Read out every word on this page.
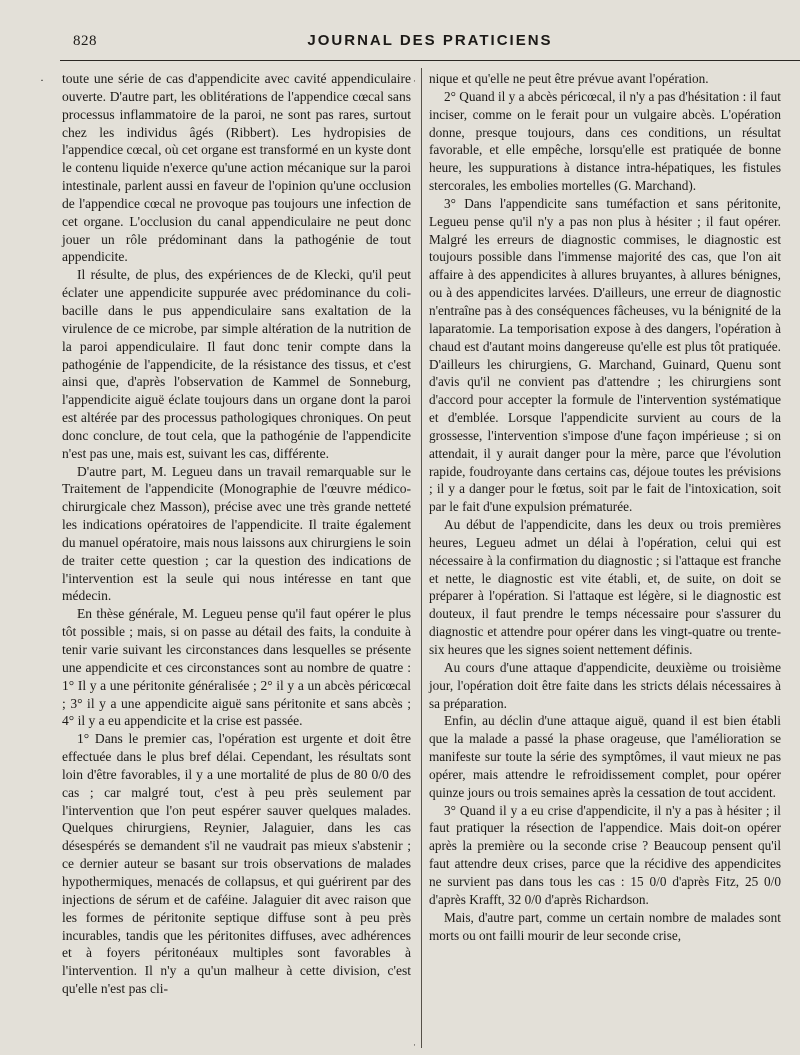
828	JOURNAL DES PRATICIENS
·	·
·

toute une série de cas d'appendicite avec cavité appendiculaire ouverte. D'autre part, les oblitérations de l'appendice cœcal sans processus inflammatoire de la paroi, ne sont pas rares, surtout chez les individus âgés (Ribbert). Les hydropisies de l'appendice cœcal, où cet organe est transformé en un kyste dont le contenu liquide n'exerce qu'une action mécanique sur la paroi intestinale, parlent aussi en faveur de l'opinion qu'une occlusion de l'appendice cœcal ne provoque pas toujours une infection de cet organe. L'occlusion du canal appendiculaire ne peut donc jouer un rôle prédominant dans la pathogénie de tout appendicite.

Il résulte, de plus, des expériences de de Klecki, qu'il peut éclater une appendicite suppurée avec prédominance du coli-bacille dans le pus appendiculaire sans exaltation de la virulence de ce microbe, par simple altération de la nutrition de la paroi appendiculaire. Il faut donc tenir compte dans la pathogénie de l'appendicite, de la résistance des tissus, et c'est ainsi que, d'après l'observation de Kammel de Sonneburg, l'appendicite aiguë éclate toujours dans un organe dont la paroi est altérée par des processus pathologiques chroniques. On peut donc conclure, de tout cela, que la pathogénie de l'appendicite n'est pas une, mais est, suivant les cas, différente.

D'autre part, M. Legueu dans un travail remarquable sur le Traitement de l'appendicite (Monographie de l'œuvre médico-chirurgicale chez Masson), précise avec une très grande netteté les indications opératoires de l'appendicite. Il traite également du manuel opératoire, mais nous laissons aux chirurgiens le soin de traiter cette question ; car la question des indications de l'intervention est la seule qui nous intéresse en tant que médecin.

En thèse générale, M. Legueu pense qu'il faut opérer le plus tôt possible ; mais, si on passe au détail des faits, la conduite à tenir varie suivant les circonstances dans lesquelles se présente une appendicite et ces circonstances sont au nombre de quatre : 1° Il y a une péritonite généralisée ; 2° il y a un abcès péricœcal ; 3° il y a une appendicite aiguë sans péritonite et sans abcès ; 4° il y a eu appendicite et la crise est passée.

1° Dans le premier cas, l'opération est urgente et doit être effectuée dans le plus bref délai. Cependant, les résultats sont loin d'être favorables, il y a une mortalité de plus de 80 0/0 des cas ; car malgré tout, c'est à peu près seulement par l'intervention que l'on peut espérer sauver quelques malades. Quelques chirurgiens, Reynier, Jalaguier, dans les cas désespérés se demandent s'il ne vaudrait pas mieux s'abstenir ; ce dernier auteur se basant sur trois observations de malades hypothermiques, menacés de collapsus, et qui guérirent par des injections de sérum et de caféine. Jalaguier dit avec raison que les formes de péritonite septique diffuse sont à peu près incurables, tandis que les péritonites diffuses, avec adhérences et à foyers péritonéaux multiples sont favorables à l'intervention. Il n'y a qu'un malheur à cette division, c'est qu'elle n'est pas cli-

nique et qu'elle ne peut être prévue avant l'opération.

2° Quand il y a abcès péricœcal, il n'y a pas d'hésitation : il faut inciser, comme on le ferait pour un vulgaire abcès. L'opération donne, presque toujours, dans ces conditions, un résultat favorable, et elle empêche, lorsqu'elle est pratiquée de bonne heure, les suppurations à distance intra-hépatiques, les fistules stercorales, les embolies mortelles (G. Marchand).

3° Dans l'appendicite sans tuméfaction et sans péritonite, Legueu pense qu'il n'y a pas non plus à hésiter ; il faut opérer. Malgré les erreurs de diagnostic commises, le diagnostic est toujours possible dans l'immense majorité des cas, que l'on ait affaire à des appendicites à allures bruyantes, à allures bénignes, ou à des appendicites larvées. D'ailleurs, une erreur de diagnostic n'entraîne pas à des conséquences fâcheuses, vu la bénignité de la laparatomie. La temporisation expose à des dangers, l'opération à chaud est d'autant moins dangereuse qu'elle est plus tôt pratiquée. D'ailleurs les chirurgiens, G. Marchand, Guinard, Quenu sont d'avis qu'il ne convient pas d'attendre ; les chirurgiens sont d'accord pour accepter la formule de l'intervention systématique et d'emblée. Lorsque l'appendicite survient au cours de la grossesse, l'intervention s'impose d'une façon impérieuse ; si on attendait, il y aurait danger pour la mère, parce que l'évolution rapide, foudroyante dans certains cas, déjoue toutes les prévisions ; il y a danger pour le fœtus, soit par le fait de l'intoxication, soit par le fait d'une expulsion prématurée.

Au début de l'appendicite, dans les deux ou trois premières heures, Legueu admet un délai à l'opération, celui qui est nécessaire à la confirmation du diagnostic ; si l'attaque est franche et nette, le diagnostic est vite établi, et, de suite, on doit se préparer à l'opération. Si l'attaque est légère, si le diagnostic est douteux, il faut prendre le temps nécessaire pour s'assurer du diagnostic et attendre pour opérer dans les vingt-quatre ou trente-six heures que les signes soient nettement définis.

Au cours d'une attaque d'appendicite, deuxième ou troisième jour, l'opération doit être faite dans les stricts délais nécessaires à sa préparation.

Enfin, au déclin d'une attaque aiguë, quand il est bien établi que la malade a passé la phase orageuse, que l'amélioration se manifeste sur toute la série des symptômes, il vaut mieux ne pas opérer, mais attendre le refroidissement complet, pour opérer quinze jours ou trois semaines après la cessation de tout accident.

3° Quand il y a eu crise d'appendicite, il n'y a pas à hésiter ; il faut pratiquer la résection de l'appendice. Mais doit-on opérer après la première ou la seconde crise ? Beaucoup pensent qu'il faut attendre deux crises, parce que la récidive des appendicites ne survient pas dans tous les cas : 15 0/0 d'après Fitz, 25 0/0 d'après Krafft, 32 0/0 d'après Richardson.

Mais, d'autre part, comme un certain nombre de malades sont morts ou ont failli mourir de leur seconde crise,
